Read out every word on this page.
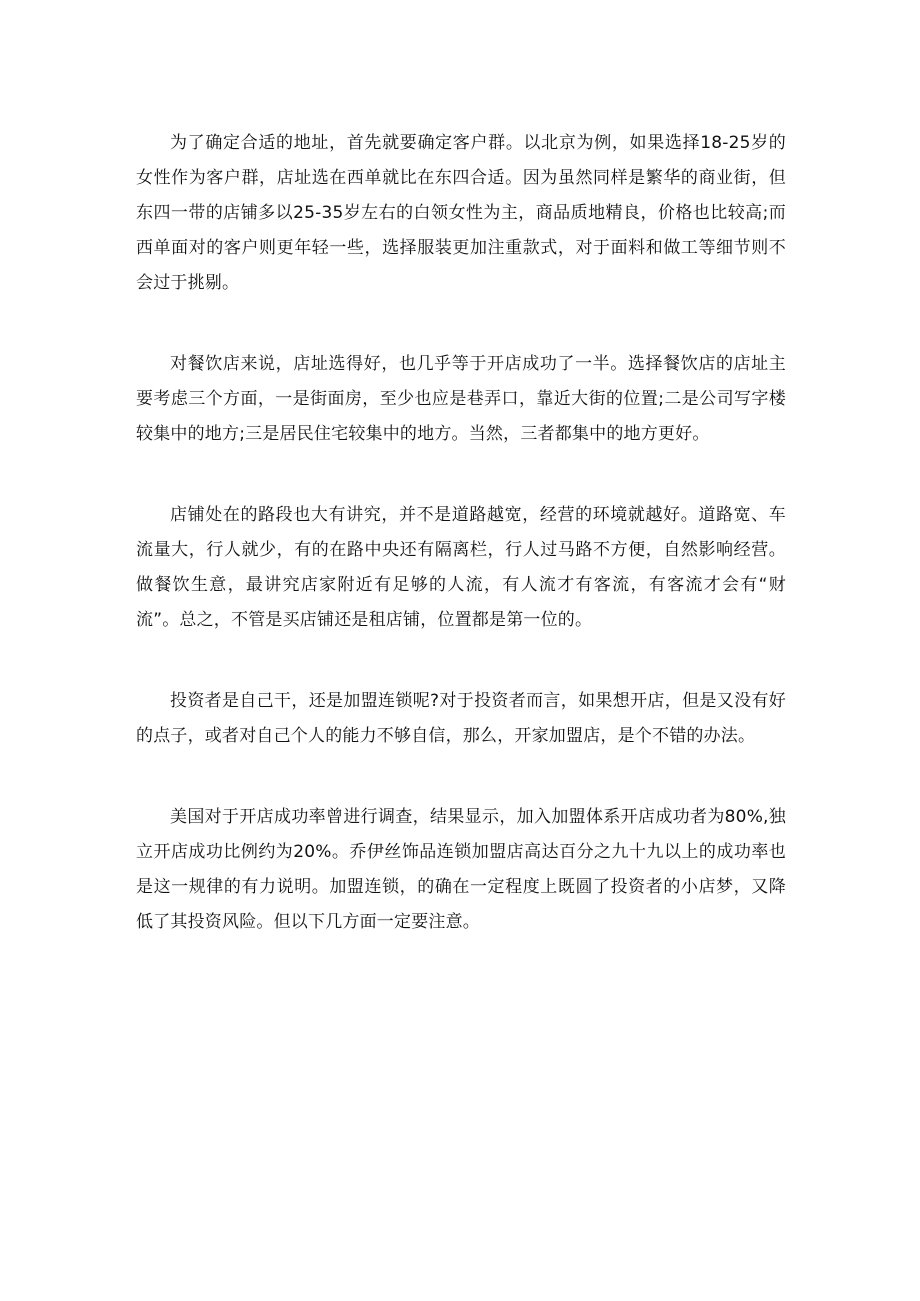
为了确定合适的地址，首先就要确定客户群。以北京为例，如果选择18-25岁的女性作为客户群，店址选在西单就比在东四合适。因为虽然同样是繁华的商业街，但东四一带的店铺多以25-35岁左右的白领女性为主，商品质地精良，价格也比较高;而西单面对的客户则更年轻一些，选择服装更加注重款式，对于面料和做工等细节则不会过于挑剔。

对餐饮店来说，店址选得好，也几乎等于开店成功了一半。选择餐饮店的店址主要考虑三个方面，一是街面房，至少也应是巷弄口，靠近大街的位置;二是公司写字楼较集中的地方;三是居民住宅较集中的地方。当然，三者都集中的地方更好。

店铺处在的路段也大有讲究，并不是道路越宽，经营的环境就越好。道路宽、车流量大，行人就少，有的在路中央还有隔离栏，行人过马路不方便，自然影响经营。做餐饮生意，最讲究店家附近有足够的人流，有人流才有客流，有客流才会有“财流”。总之，不管是买店铺还是租店铺，位置都是第一位的。

投资者是自己干，还是加盟连锁呢?对于投资者而言，如果想开店，但是又没有好的点子，或者对自己个人的能力不够自信，那么，开家加盟店，是个不错的办法。

美国对于开店成功率曾进行调查，结果显示，加入加盟体系开店成功者为80%,独立开店成功比例约为20%。乔伊丝饰品连锁加盟店高达百分之九十九以上的成功率也是这一规律的有力说明。加盟连锁，的确在一定程度上既圆了投资者的小店梦，又降低了其投资风险。但以下几方面一定要注意。
